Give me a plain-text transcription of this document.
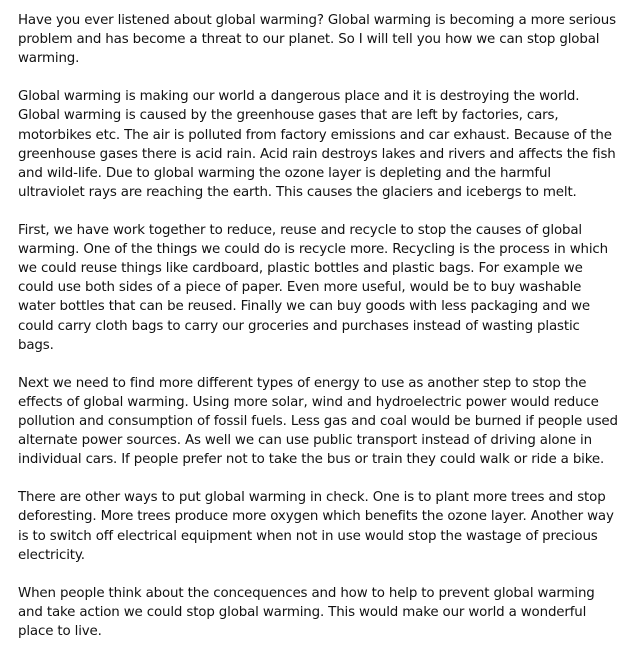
Have you ever listened about global warming? Global warming is becoming a more serious problem and has become a threat to our planet. So I will tell you how we can stop global warming.

Global warming is making our world a dangerous place and it is destroying the world. Global warming is caused by the greenhouse gases that are left by factories, cars, motorbikes etc. The air is polluted from factory emissions and car exhaust. Because of the greenhouse gases there is acid rain. Acid rain destroys lakes and rivers and affects the fish and wild-life. Due to global warming the ozone layer is depleting and the harmful ultraviolet rays are reaching the earth. This causes the glaciers and icebergs to melt.

First, we have work together to reduce, reuse and recycle to stop the causes of global warming. One of the things we could do is recycle more. Recycling is the process in which we could reuse things like cardboard, plastic bottles and plastic bags. For example we could use both sides of a piece of paper. Even more useful, would be to buy washable water bottles that can be reused. Finally we can buy goods with less packaging and we could carry cloth bags to carry our groceries and purchases instead of wasting plastic bags.

Next we need to find more different types of energy to use as another step to stop the effects of global warming. Using more solar, wind and hydroelectric power would reduce pollution and consumption of fossil fuels. Less gas and coal would be burned if people used alternate power sources. As well we can use public transport instead of driving alone in individual cars. If people prefer not to take the bus or train they could walk or ride a bike.

There are other ways to put global warming in check. One is to plant more trees and stop deforesting. More trees produce more oxygen which benefits the ozone layer. Another way is to switch off electrical equipment when not in use would stop the wastage of precious electricity.

When people think about the concequences and how to help to prevent global warming and take action we could stop global warming. This would make our world a wonderful place to live.
